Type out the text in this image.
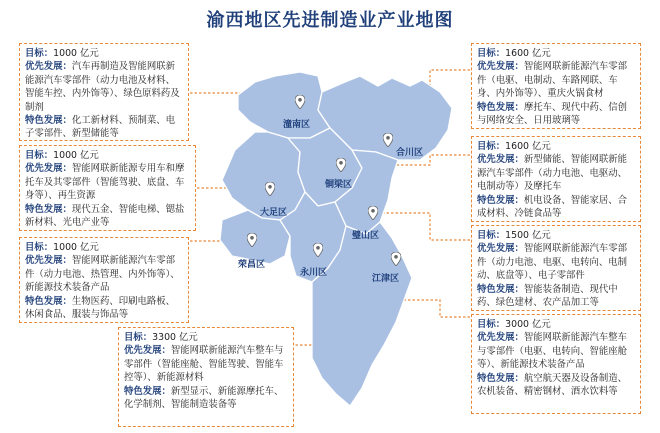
渝西地区先进制造业产业地图
潼南区
合川区
铜梁区
大足区
璧山区
荣昌区
永川区
江津区
目标：1000 亿元
优先发展：汽车再制造及智能网联新能源汽车零部件（动力电池及材料、智能车控、内外饰等）、绿色原料药及制剂
特色发展：化工新材料、预制菜、电子零部件、新型储能等
目标：1600 亿元
优先发展：智能网联新能源汽车零部件（电驱、电制动、车路网联、车身、内外饰等）、重庆火锅食材
特色发展：摩托车、现代中药、信创与网络安全、日用玻璃等
目标：1000 亿元
优先发展：智能网联新能源专用车和摩托车及其零部件（智能驾驶、底盘、车身等）、再生资源
特色发展：现代五金、智能电梯、锶盐新材料、光电产业等
目标：1600 亿元
优先发展：新型储能、智能网联新能源汽车零部件（动力电池、电驱动、电制动等）及摩托车
特色发展：机电设备、智能家居、合成材料、冷链食品等
目标：1000 亿元
优先发展：智能网联新能源汽车零部件（动力电池、热管理、内外饰等）、新能源技术装备产品
特色发展：生物医药、印刷电路板、休闲食品、服装与饰品等
目标：1500 亿元
优先发展：智能网联新能源汽车零部件（动力电池、电驱、电转向、电制动、底盘等）、电子零部件
特色发展：智能装备制造、现代中药、绿色建材、农产品加工等
目标：3300 亿元
优先发展：智能网联新能源汽车整车与零部件（智能座舱、智能驾驶、智能车控等）、新能源材料
特色发展：新型显示、新能源摩托车、化学制剂、智能制造装备等
目标：3000 亿元
优先发展：智能网联新能源汽车整车与零部件（电驱、电转向、智能座舱等）、新能源技术装备产品
特色发展：航空航天器及设备制造、农机装备、精密钢材、酒水饮料等
